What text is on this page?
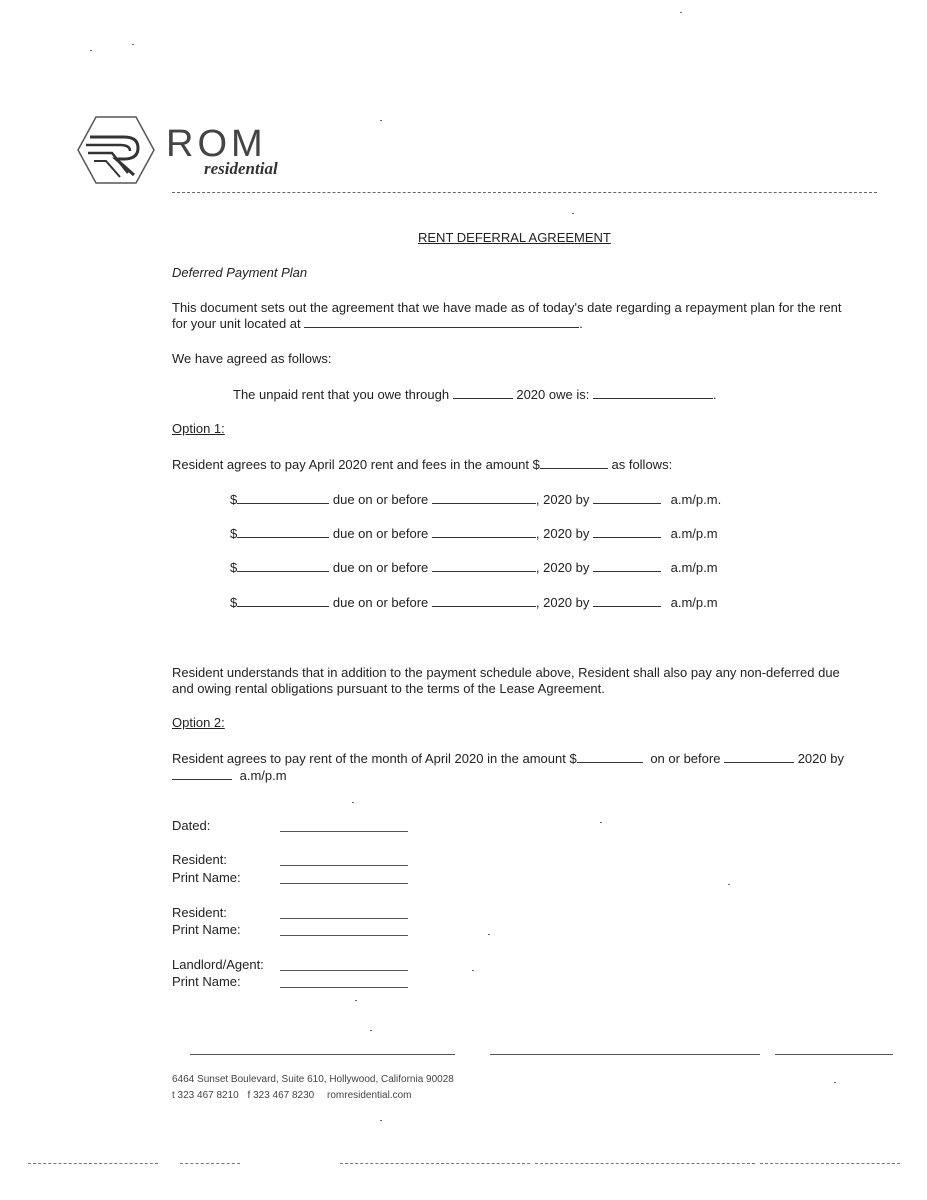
ROM
residential
RENT DEFERRAL AGREEMENT
Deferred Payment Plan
This document sets out the agreement that we have made as of today's date regarding a repayment plan for the rent
for your unit located at	.
We have agreed as follows:
The unpaid rent that you owe through	2020 owe is:	.
Option 1:
Resident agrees to pay April 2020 rent and fees in the amount $	as follows:
$	due on or before	, 2020 by	a.m/p.m.
$	due on or before	, 2020 by	a.m/p.m
$	due on or before	, 2020 by	a.m/p.m
$	due on or before	, 2020 by	a.m/p.m
Resident understands that in addition to the payment schedule above, Resident shall also pay any non-deferred due
and owing rental obligations pursuant to the terms of the Lease Agreement.
Option 2:
Resident agrees to pay rent of the month of April 2020 in the amount $	on or before	2020 by
a.m/p.m
Dated:
Resident:
Print Name:
Resident:
Print Name:
Landlord/Agent:
Print Name:
6464 Sunset Boulevard, Suite 610, Hollywood, California 90028
t 323 467 8210 f 323 467 8230 romresidential.com
